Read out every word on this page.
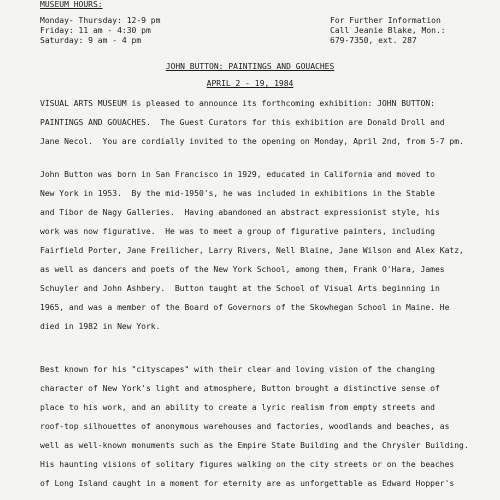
MUSEUM HOURS:
Monday- Thursday: 12-9 pm
Friday: 11 am - 4:30 pm
Saturday: 9 am - 4 pm
For Further Information
Call Jeanie Blake, Mon.:
679-7350, ext. 287
JOHN BUTTON: PAINTINGS AND GOUACHES
APRIL 2 - 19, 1984
VISUAL ARTS MUSEUM is pleased to announce its forthcoming exhibition: JOHN BUTTON:
PAINTINGS AND GOUACHES.  The Guest Curators for this exhibition are Donald Droll and
Jane Necol.  You are cordially invited to the opening on Monday, April 2nd, from 5-7 pm.
John Button was born in San Francisco in 1929, educated in California and moved to
New York in 1953.  By the mid-1950's, he was included in exhibitions in the Stable
and Tibor de Nagy Galleries.  Having abandoned an abstract expressionist style, his
work was now figurative.  He was to meet a group of figurative painters, including
Fairfield Porter, Jane Freilicher, Larry Rivers, Nell Blaine, Jane Wilson and Alex Katz,
as well as dancers and poets of the New York School, among them, Frank O'Hara, James
Schuyler and John Ashbery.  Button taught at the School of Visual Arts beginning in
1965, and was a member of the Board of Governors of the Skowhegan School in Maine. He
died in 1982 in New York.
Best known for his "cityscapes" with their clear and loving vision of the changing
character of New York's light and atmosphere, Button brought a distinctive sense of
place to his work, and an ability to create a lyric realism from empty streets and
roof-top silhouettes of anonymous warehouses and factories, woodlands and beaches, as
well as well-known monuments such as the Empire State Building and the Chrysler Building.
His haunting visions of solitary figures walking on the city streets or on the beaches
of Long Island caught in a moment for eternity are as unforgettable as Edward Hopper's
